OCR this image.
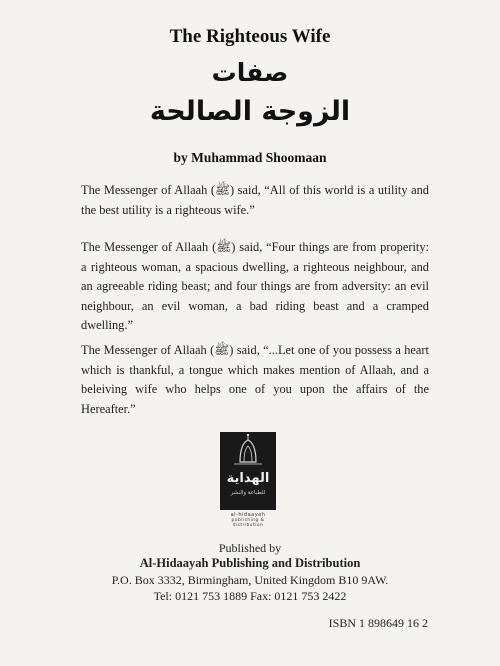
The Righteous Wife
صفات
الزوجة الصالحة
by Muhammad Shoomaan

The Messenger of Allaah (ﷺ) said, “All of this world is a utility and the best utility is a righteous wife.”

The Messenger of Allaah (ﷺ) said, “Four things are from properity: a righteous woman, a spacious dwelling, a righteous neighbour, and an agreeable riding beast; and four things are from adversity: an evil neighbour, an evil woman, a bad riding beast and a cramped dwelling.”

The Messenger of Allaah (ﷺ) said, “...Let one of you possess a heart which is thankful, a tongue which makes mention of Allaah, and a beleiving wife who helps one of you upon the affairs of the Hereafter.”

الهداية
للطباعة والنشر
al-hidaayah
publishing & distribution
Published by
Al-Hidaayah Publishing and Distribution
P.O. Box 3332, Birmingham, United Kingdom B10 9AW.
Tel: 0121 753 1889 Fax: 0121 753 2422
ISBN 1 898649 16 2
